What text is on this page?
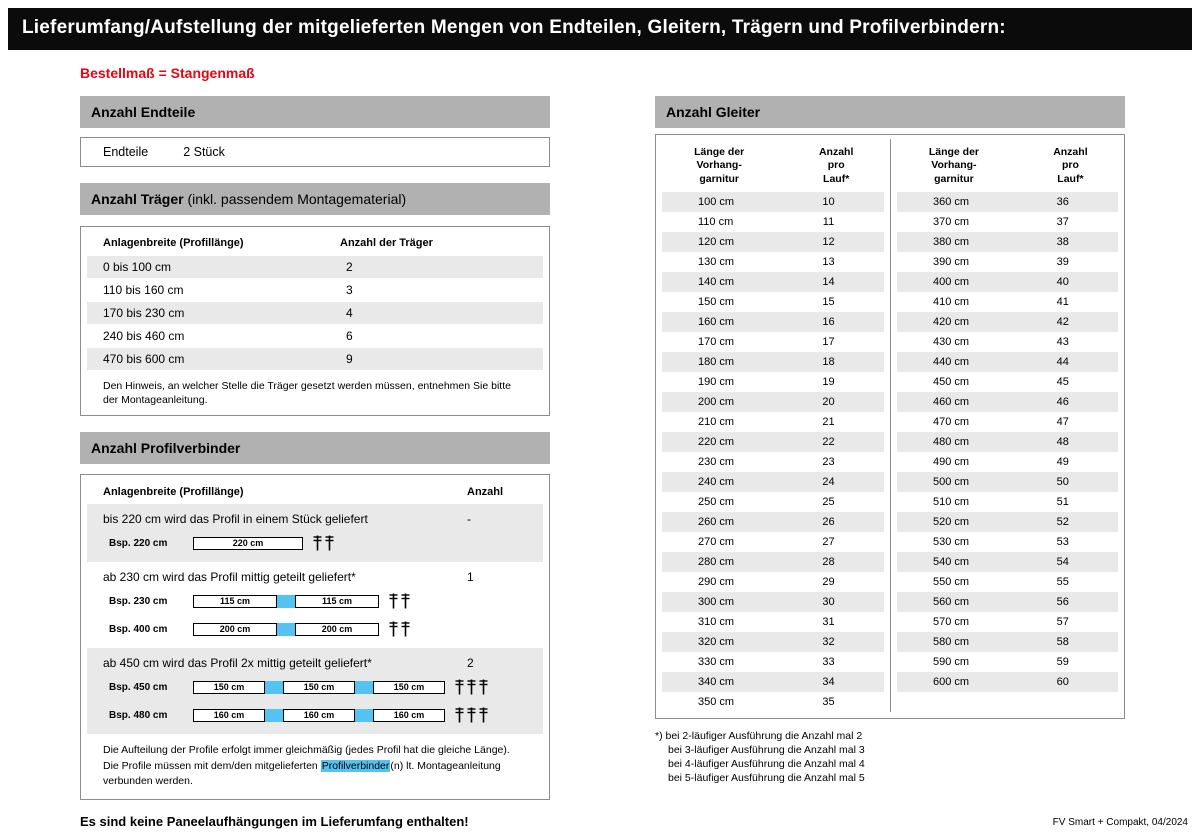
Lieferumfang/Aufstellung der mitgelieferten Mengen von Endteilen, Gleitern, Trägern und Profilverbindern:
Bestellmaß = Stangenmaß
Anzahl Endteile
Endteile	2 Stück
Anzahl Träger (inkl. passendem Montagematerial)
Anlagenbreite (Profillänge)	Anzahl der Träger
0 bis 100 cm	2
110 bis 160 cm	3
170 bis 230 cm	4
240 bis 460 cm	6
470 bis 600 cm	9
Den Hinweis, an welcher Stelle die Träger gesetzt werden müssen, entnehmen Sie bitte der Montageanleitung.
Anzahl Profilverbinder
Anlagenbreite (Profillänge)	Anzahl
bis 220 cm wird das Profil in einem Stück geliefert	-
Bsp. 220 cm	220 cm
ab 230 cm wird das Profil mittig geteilt geliefert*	1
Bsp. 230 cm	115 cm	115 cm
Bsp. 400 cm	200 cm	200 cm
ab 450 cm wird das Profil 2x mittig geteilt geliefert*	2
Bsp. 450 cm	150 cm	150 cm	150 cm
Bsp. 480 cm	160 cm	160 cm	160 cm
Die Aufteilung der Profile erfolgt immer gleichmäßig (jedes Profil hat die gleiche Länge). Die Profile müssen mit dem/den mitgelieferten Profilverbinder(n) lt. Montageanleitung verbunden werden.
Es sind keine Paneelaufhängungen im Lieferumfang enthalten!
Anzahl Gleiter
Länge der
Vorhang-
garnitur
Anzahl
pro
Lauf*
100 cm	10
110 cm	11
120 cm	12
130 cm	13
140 cm	14
150 cm	15
160 cm	16
170 cm	17
180 cm	18
190 cm	19
200 cm	20
210 cm	21
220 cm	22
230 cm	23
240 cm	24
250 cm	25
260 cm	26
270 cm	27
280 cm	28
290 cm	29
300 cm	30
310 cm	31
320 cm	32
330 cm	33
340 cm	34
350 cm	35
Länge der
Vorhang-
garnitur
Anzahl
pro
Lauf*
360 cm	36
370 cm	37
380 cm	38
390 cm	39
400 cm	40
410 cm	41
420 cm	42
430 cm	43
440 cm	44
450 cm	45
460 cm	46
470 cm	47
480 cm	48
490 cm	49
500 cm	50
510 cm	51
520 cm	52
530 cm	53
540 cm	54
550 cm	55
560 cm	56
570 cm	57
580 cm	58
590 cm	59
600 cm	60
*) bei 2-läufiger Ausführung die Anzahl mal 2
bei 3-läufiger Ausführung die Anzahl mal 3
bei 4-läufiger Ausführung die Anzahl mal 4
bei 5-läufiger Ausführung die Anzahl mal 5
FV Smart + Compakt, 04/2024
